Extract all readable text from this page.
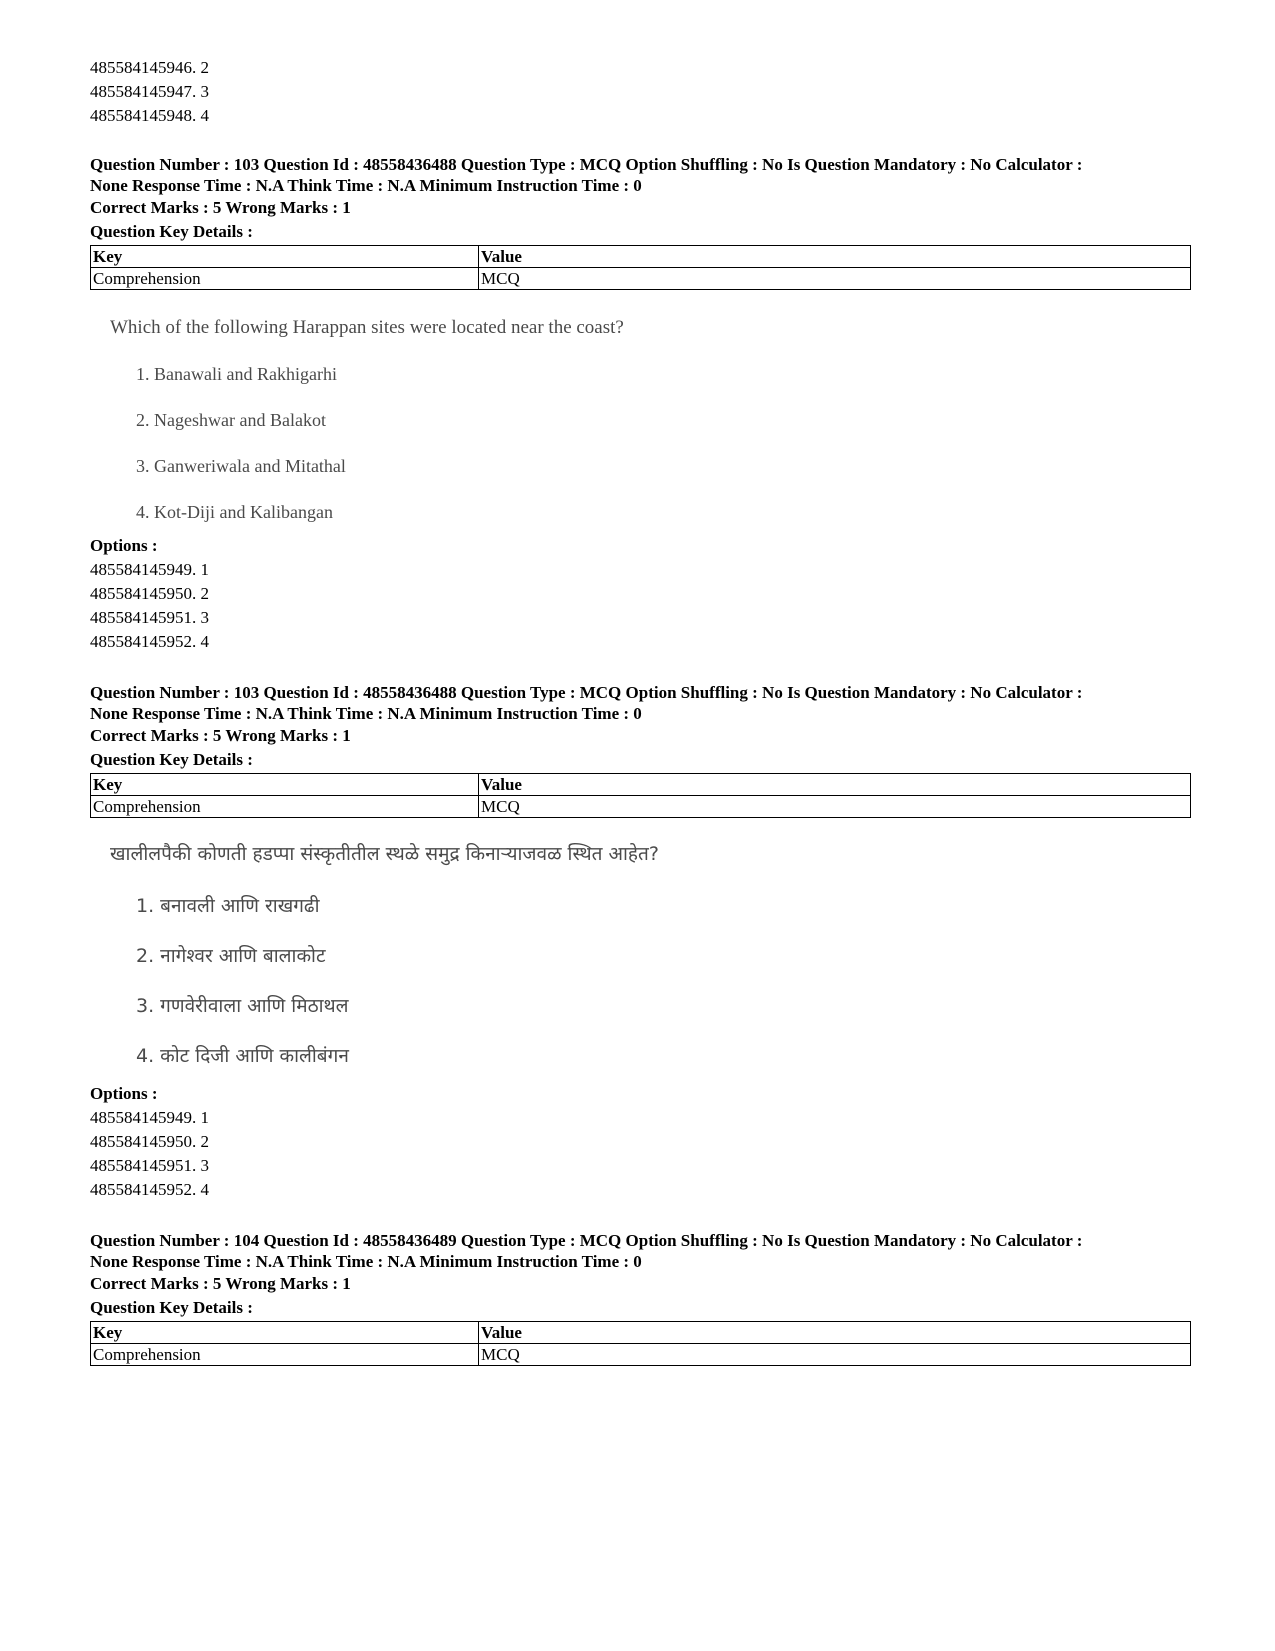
485584145946. 2
485584145947. 3
485584145948. 4
Question Number : 103 Question Id : 48558436488 Question Type : MCQ Option Shuffling : No Is Question Mandatory : No Calculator :
None Response Time : N.A Think Time : N.A Minimum Instruction Time : 0
Correct Marks : 5 Wrong Marks : 1
Question Key Details :
Key	Value
Comprehension	MCQ
Which of the following Harappan sites were located near the coast?
1. Banawali and Rakhigarhi
2. Nageshwar and Balakot
3. Ganweriwala and Mitathal
4. Kot-Diji and Kalibangan
Options :
485584145949. 1
485584145950. 2
485584145951. 3
485584145952. 4
Question Number : 103 Question Id : 48558436488 Question Type : MCQ Option Shuffling : No Is Question Mandatory : No Calculator :
None Response Time : N.A Think Time : N.A Minimum Instruction Time : 0
Correct Marks : 5 Wrong Marks : 1
Question Key Details :
Key	Value
Comprehension	MCQ
खालीलपैकी कोणती हडप्पा संस्कृतीतील स्थळे समुद्र किनाऱ्याजवळ स्थित आहेत?
1. बनावली आणि राखगढी
2. नागेश्वर आणि बालाकोट
3. गणवेरीवाला आणि मिठाथल
4. कोट दिजी आणि कालीबंगन
Options :
485584145949. 1
485584145950. 2
485584145951. 3
485584145952. 4
Question Number : 104 Question Id : 48558436489 Question Type : MCQ Option Shuffling : No Is Question Mandatory : No Calculator :
None Response Time : N.A Think Time : N.A Minimum Instruction Time : 0
Correct Marks : 5 Wrong Marks : 1
Question Key Details :
Key	Value
Comprehension	MCQ
